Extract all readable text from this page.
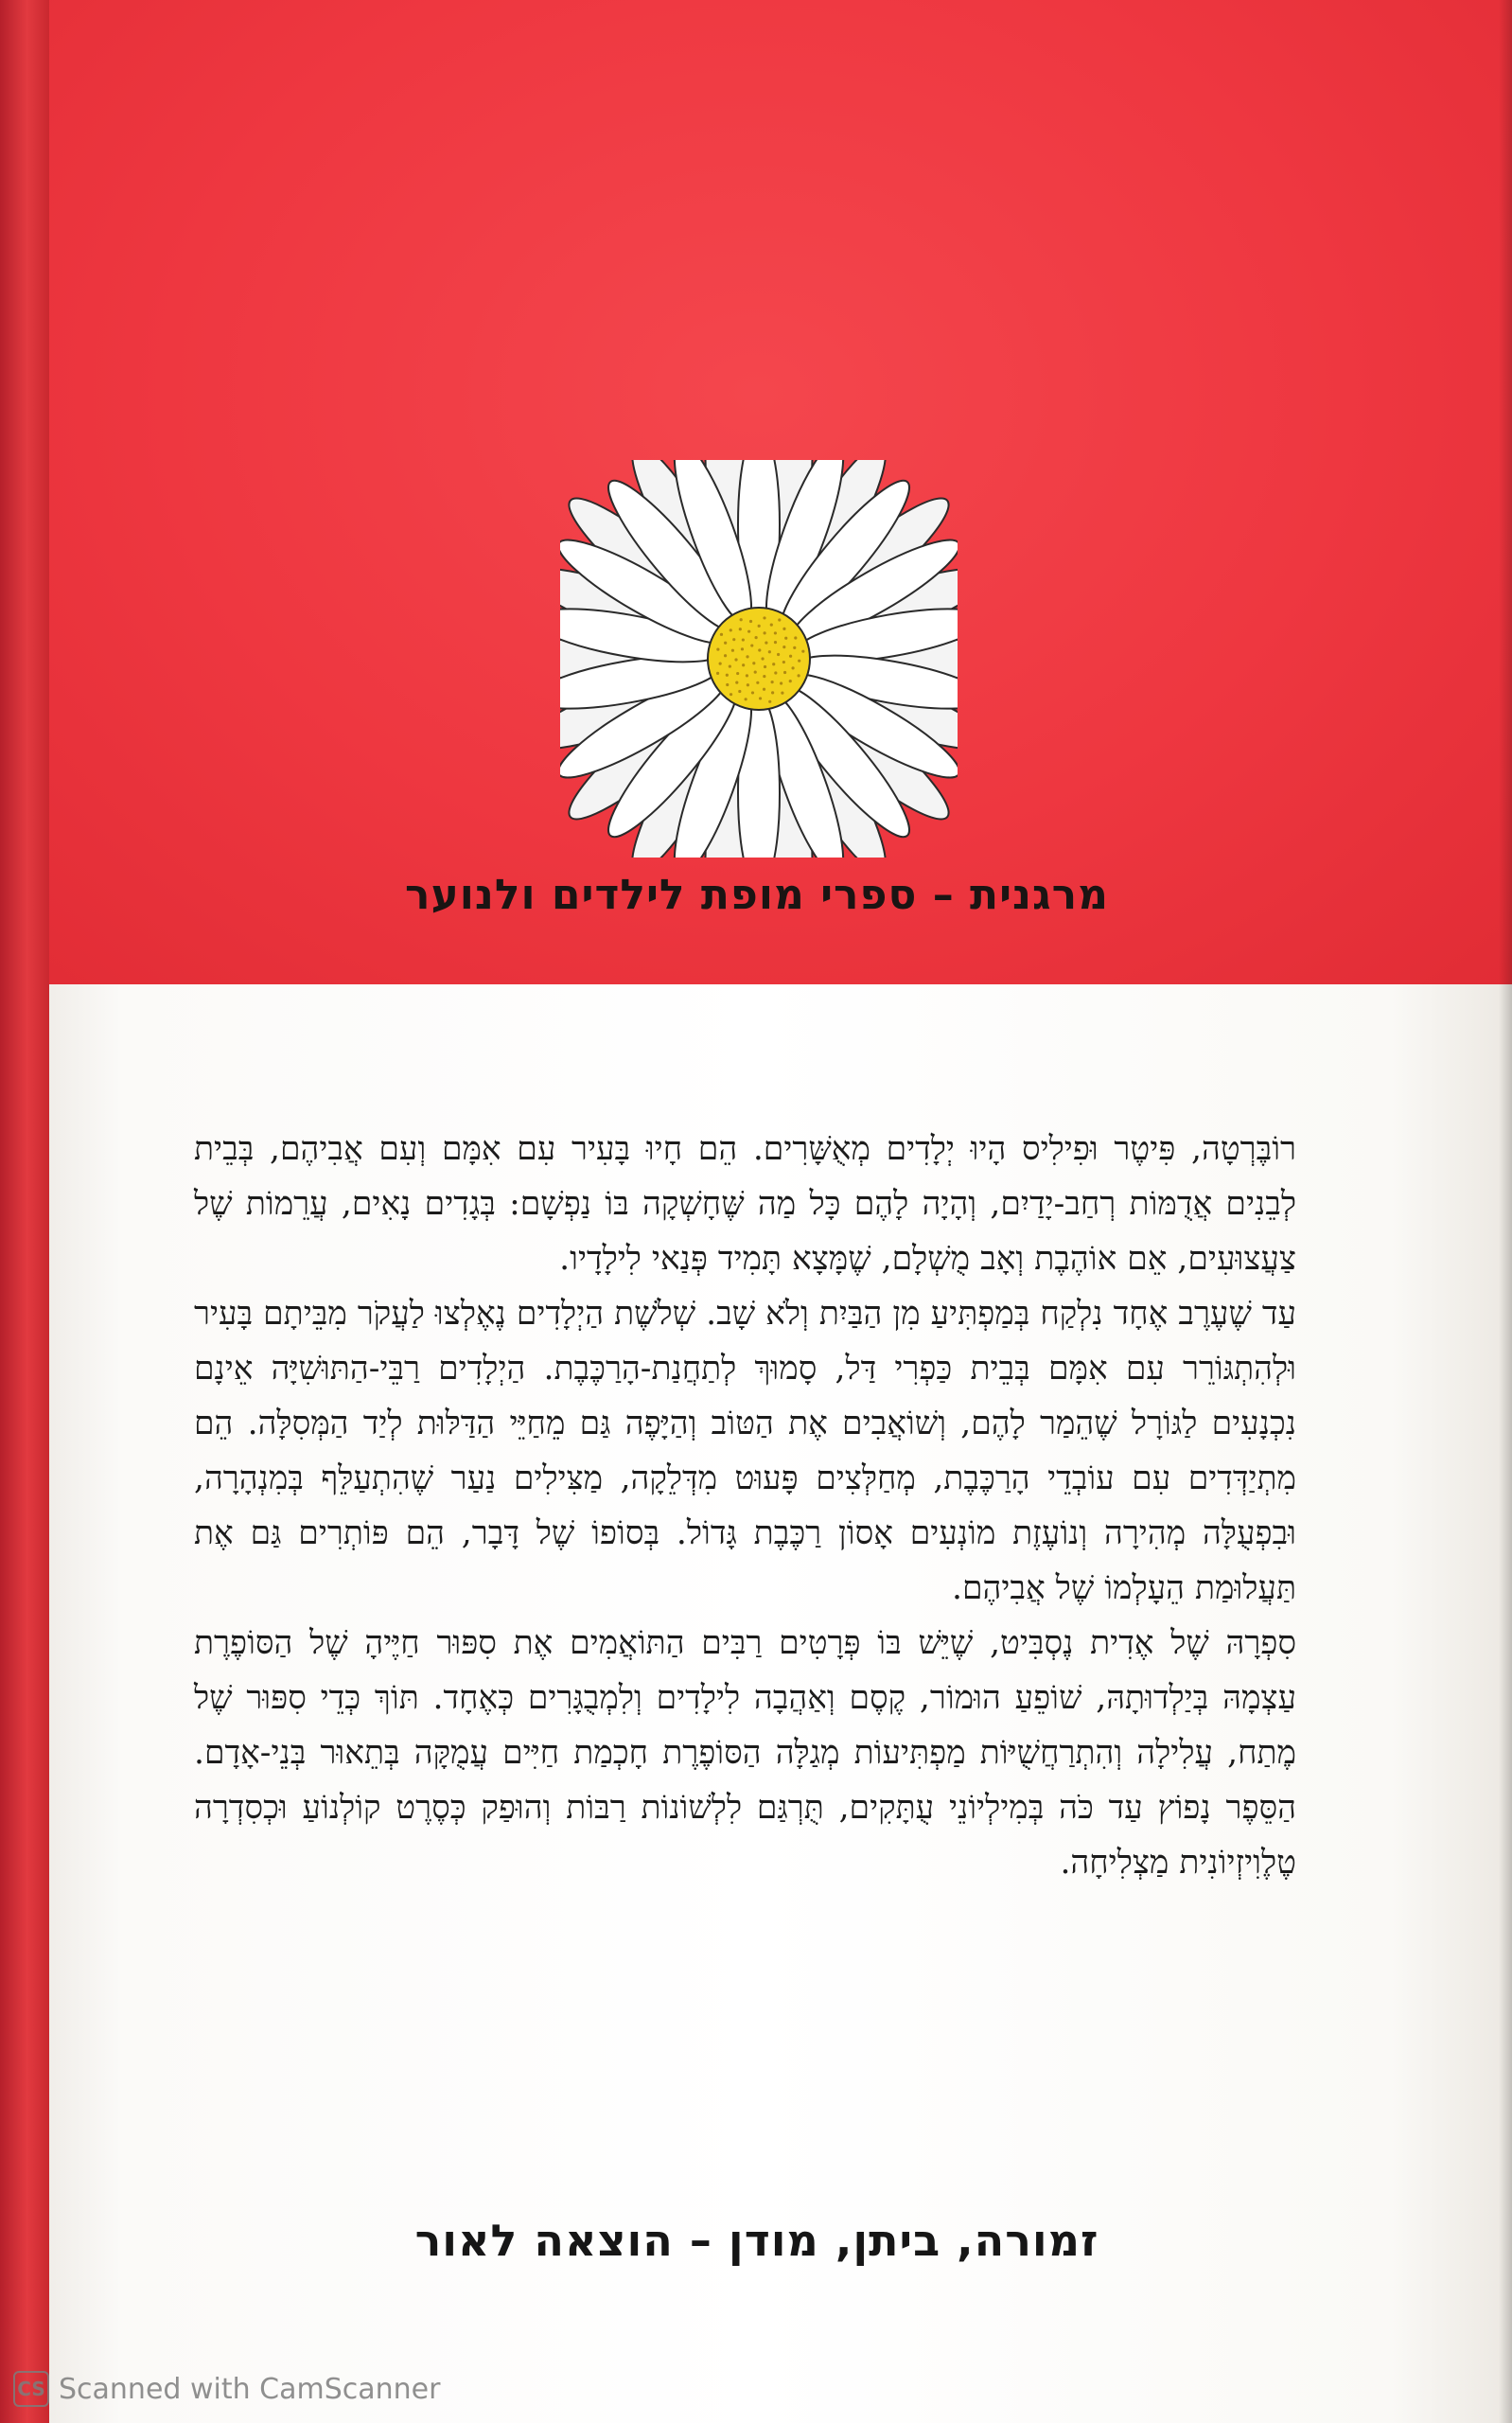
מרגנית – ספרי מופת לילדים ולנוער

רוֹבֶּרְטָה, פִּיטֶר וּפִילִיס הָיוּ יְלָדִים מְאֻשָּׁרִים. הֵם חָיוּ בָּעִיר עִם אִמָּם וְעִם אֲבִיהֶם, בְּבֵית לְבֵנִים אֲדֻמּוֹת רְחַב-יָדַיִם, וְהָיָה לָהֶם כָּל מַה שֶּׁחָשְׁקָה בּוֹ נַפְשָׁם: בְּגָדִים נָאִים, עֲרֵמוֹת שֶׁל צַעֲצוּעִים, אֵם אוֹהֶבֶת וְאָב מֻשְׁלָם, שֶׁמָּצָא תָּמִיד פְּנַאי לִילָדָיו.

עַד שֶׁעֶרֶב אֶחָד נִלְקַח בְּמַפְתִּיעַ מִן הַבַּיִת וְלֹא שָׁב. שְׁלֹשֶׁת הַיְלָדִים נֶאֶלְצוּ לַעֲקֹר מִבֵּיתָם בָּעִיר וּלְהִתְגּוֹרֵר עִם אִמָּם בְּבֵית כַּפְרִי דַּל, סָמוּךְ לְתַחֲנַת-הָרַכֶּבֶת. הַיְלָדִים רַבֵּי-הַתּוּשִׁיָּה אֵינָם נִכְנָעִים לַגּוֹרָל שֶׁהֵמַר לָהֶם, וְשׁוֹאֲבִים אֶת הַטּוֹב וְהַיָּפֶה גַּם מֵחַיֵּי הַדַּלּוּת לְיַד הַמְּסִלָּה. הֵם מִתְיַדְּדִים עִם עוֹבְדֵי הָרַכֶּבֶת, מְחַלְּצִים פָּעוּט מִדְּלֵקָה, מַצִּילִים נַעַר שֶׁהִתְעַלֵּף בְּמִנְהָרָה, וּבִפְעֻלָּה מְהִירָה וְנוֹעֶזֶת מוֹנְעִים אָסוֹן רַכֶּבֶת גָּדוֹל. בְּסוֹפוֹ שֶׁל דָּבָר, הֵם פּוֹתְרִים גַּם אֶת תַּעֲלוּמַת הֵעָלְמוֹ שֶׁל אֲבִיהֶם.

סִפְרָהּ שֶׁל אֶדִית נֶסְבִּיט, שֶׁיֵּשׁ בּוֹ פְּרָטִים רַבִּים הַתּוֹאֲמִים אֶת סִפּוּר חַיֶּיהָ שֶׁל הַסּוֹפֶרֶת עַצְמָהּ בְּיַלְדוּתָהּ, שׁוֹפֵעַ הוּמוֹר, קֶסֶם וְאַהֲבָה לִילָדִים וְלִמְבֻגָּרִים כְּאֶחָד. תּוֹךְ כְּדֵי סִפּוּר שֶׁל מֶתַח, עֲלִילָה וְהִתְרַחֲשֻׁיּוֹת מַפְתִּיעוֹת מְגַלָּה הַסּוֹפֶרֶת חָכְמַת חַיִּים עֲמֻקָּה בְּתֵאוּר בְּנֵי-אָדָם. הַסֵּפֶר נָפוֹץ עַד כֹּה בְּמִילְיוֹנֵי עֻתָּקִים, תֻּרְגַּם לִלְשׁוֹנוֹת רַבּוֹת וְהוּפַק כְּסֶרֶט קוֹלְנוֹעַ וּכְסִדְרָה טֶלֶוִיזְיוֹנִית מַצְלִיחָה.

זמורה, ביתן, מודן – הוצאה לאור
CS Scanned with CamScanner
